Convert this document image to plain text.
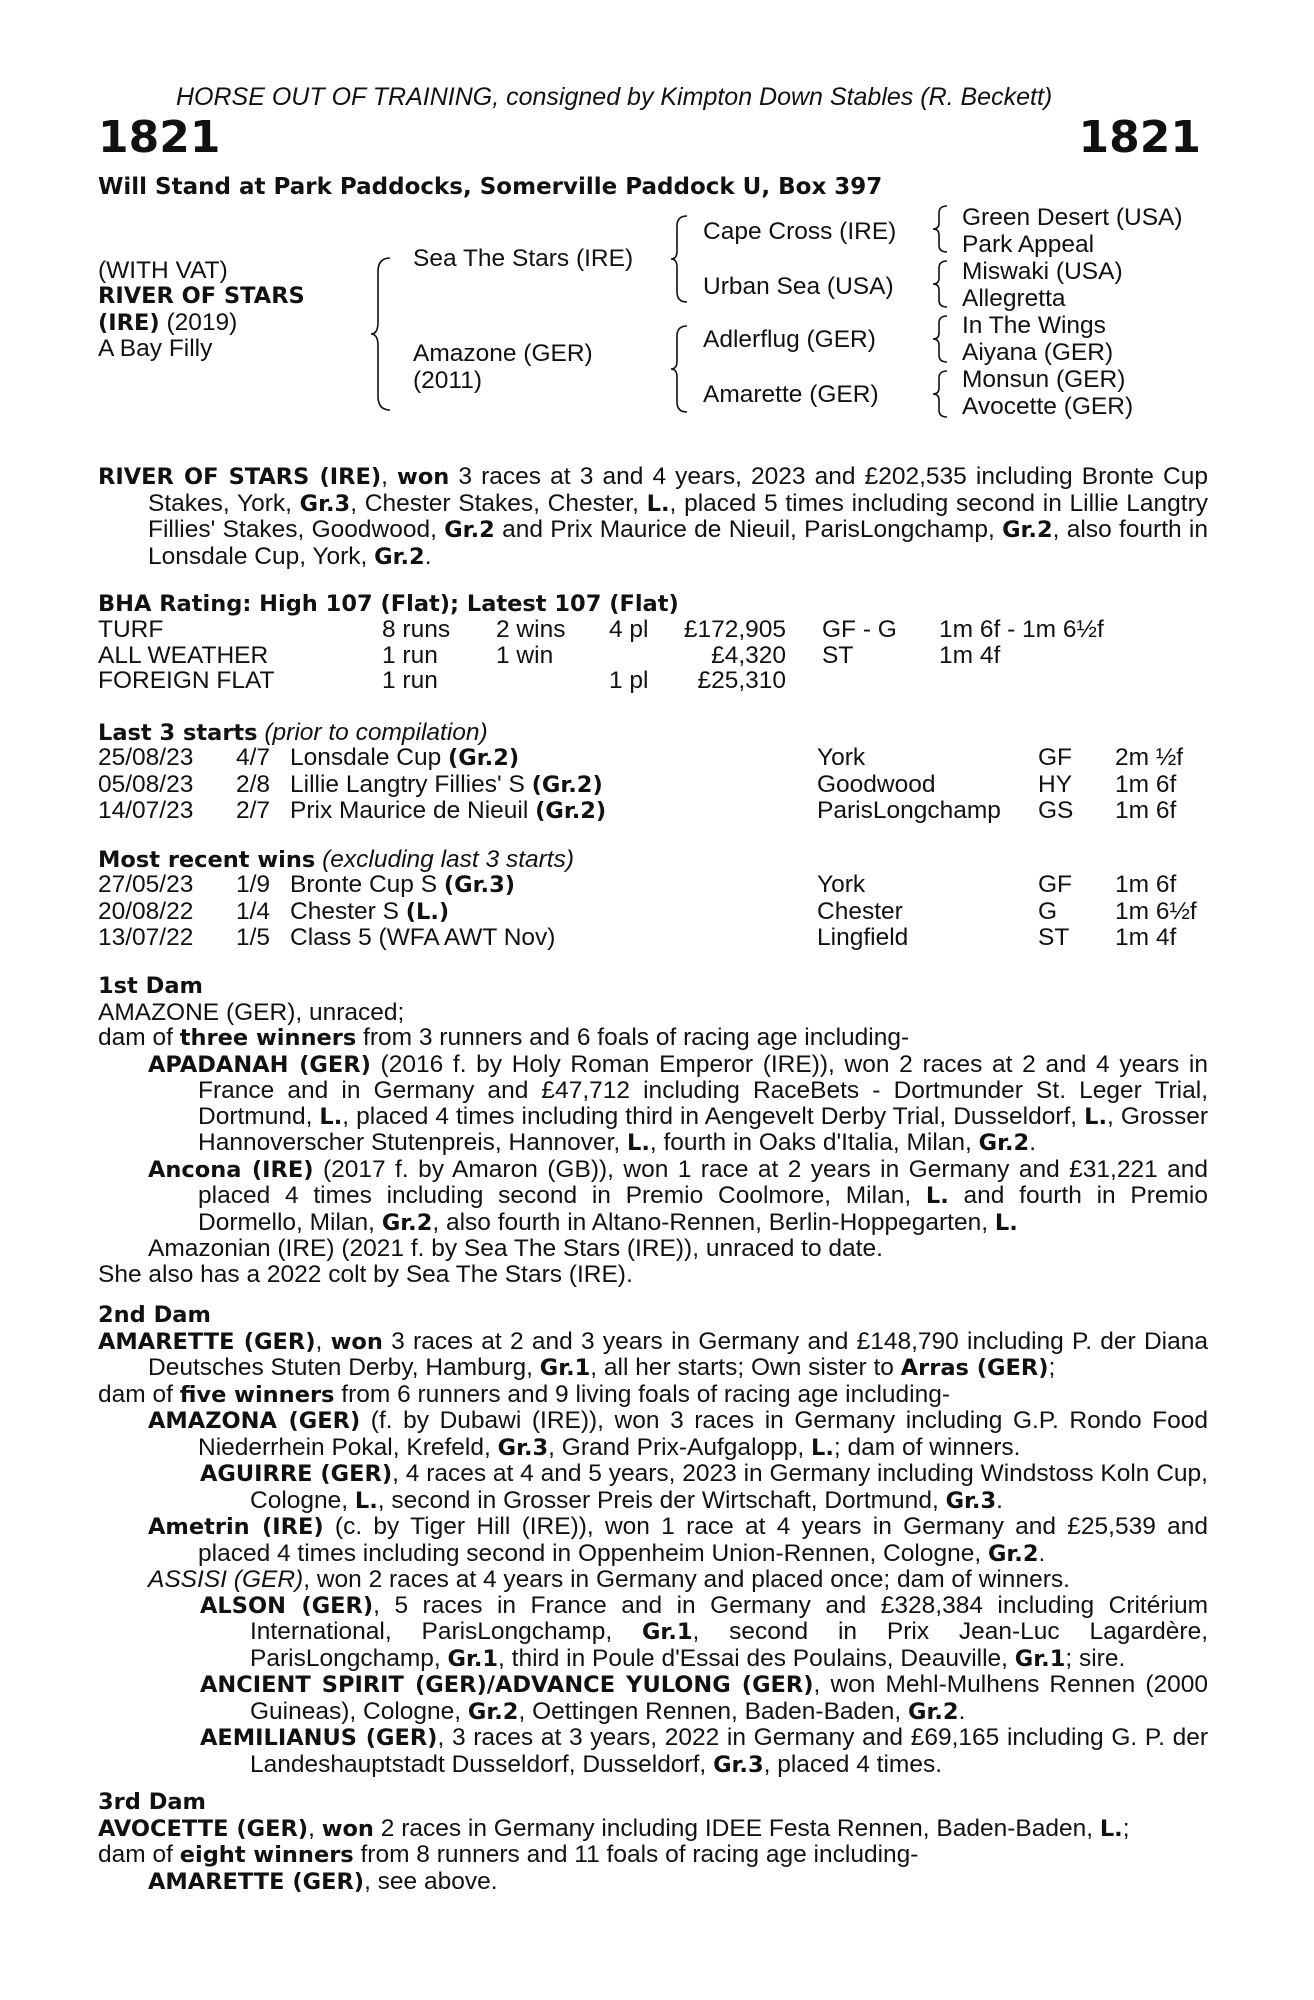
HORSE OUT OF TRAINING, consigned by Kimpton Down Stables (R. Beckett)
1821	1821
Will Stand at Park Paddocks, Somerville Paddock U, Box 397
(WITH VAT)
RIVER OF STARS
(IRE) (2019)
A Bay Filly
Sea The Stars (IRE)
Amazone (GER)
(2011)
Cape Cross (IRE)
Urban Sea (USA)
Adlerflug (GER)
Amarette (GER)
Green Desert (USA)
Park Appeal
Miswaki (USA)
Allegretta
In The Wings
Aiyana (GER)
Monsun (GER)
Avocette (GER)
RIVER OF STARS (IRE), won 3 races at 3 and 4 years, 2023 and £202,535 including Bronte Cup Stakes, York, Gr.3, Chester Stakes, Chester, L., placed 5 times including second in Lillie Langtry Fillies' Stakes, Goodwood, Gr.2 and Prix Maurice de Nieuil, ParisLongchamp, Gr.2, also fourth in Lonsdale Cup, York, Gr.2.
BHA Rating: High 107 (Flat); Latest 107 (Flat)
TURF	8 runs	2 wins	4 pl	£172,905		GF - G	1m 6f - 1m 6½f
ALL WEATHER	1 run	1 win		£4,320		ST	1m 4f
FOREIGN FLAT	1 run		1 pl	£25,310			
Last 3 starts (prior to compilation)
25/08/23	4/7	Lonsdale Cup (Gr.2)	York	GF	2m ½f
05/08/23	2/8	Lillie Langtry Fillies' S (Gr.2)	Goodwood	HY	1m 6f
14/07/23	2/7	Prix Maurice de Nieuil (Gr.2)	ParisLongchamp	GS	1m 6f
Most recent wins (excluding last 3 starts)
27/05/23	1/9	Bronte Cup S (Gr.3)	York	GF	1m 6f
20/08/22	1/4	Chester S (L.)	Chester	G	1m 6½f
13/07/22	1/5	Class 5 (WFA AWT Nov)	Lingfield	ST	1m 4f
1st Dam
AMAZONE (GER), unraced;
dam of three winners from 3 runners and 6 foals of racing age including-
APADANAH (GER) (2016 f. by Holy Roman Emperor (IRE)), won 2 races at 2 and 4 years in France and in Germany and £47,712 including RaceBets - Dortmunder St. Leger Trial, Dortmund, L., placed 4 times including third in Aengevelt Derby Trial, Dusseldorf, L., Grosser Hannoverscher Stutenpreis, Hannover, L., fourth in Oaks d'Italia, Milan, Gr.2.
Ancona (IRE) (2017 f. by Amaron (GB)), won 1 race at 2 years in Germany and £31,221 and placed 4 times including second in Premio Coolmore, Milan, L. and fourth in Premio Dormello, Milan, Gr.2, also fourth in Altano-Rennen, Berlin-Hoppegarten, L.
Amazonian (IRE) (2021 f. by Sea The Stars (IRE)), unraced to date.
She also has a 2022 colt by Sea The Stars (IRE).
2nd Dam
AMARETTE (GER), won 3 races at 2 and 3 years in Germany and £148,790 including P. der Diana Deutsches Stuten Derby, Hamburg, Gr.1, all her starts; Own sister to Arras (GER);
dam of five winners from 6 runners and 9 living foals of racing age including-
AMAZONA (GER) (f. by Dubawi (IRE)), won 3 races in Germany including G.P. Rondo Food Niederrhein Pokal, Krefeld, Gr.3, Grand Prix-Aufgalopp, L.; dam of winners.
AGUIRRE (GER), 4 races at 4 and 5 years, 2023 in Germany including Windstoss Koln Cup, Cologne, L., second in Grosser Preis der Wirtschaft, Dortmund, Gr.3.
Ametrin (IRE) (c. by Tiger Hill (IRE)), won 1 race at 4 years in Germany and £25,539 and placed 4 times including second in Oppenheim Union-Rennen, Cologne, Gr.2.
ASSISI (GER), won 2 races at 4 years in Germany and placed once; dam of winners.
ALSON (GER), 5 races in France and in Germany and £328,384 including Critérium International, ParisLongchamp, Gr.1, second in Prix Jean-Luc Lagardère, ParisLongchamp, Gr.1, third in Poule d'Essai des Poulains, Deauville, Gr.1; sire.
ANCIENT SPIRIT (GER)/ADVANCE YULONG (GER), won Mehl-Mulhens Rennen (2000 Guineas), Cologne, Gr.2, Oettingen Rennen, Baden-Baden, Gr.2.
AEMILIANUS (GER), 3 races at 3 years, 2022 in Germany and £69,165 including G. P. der Landeshauptstadt Dusseldorf, Dusseldorf, Gr.3, placed 4 times.
3rd Dam
AVOCETTE (GER), won 2 races in Germany including IDEE Festa Rennen, Baden-Baden, L.;
dam of eight winners from 8 runners and 11 foals of racing age including-
AMARETTE (GER), see above.
